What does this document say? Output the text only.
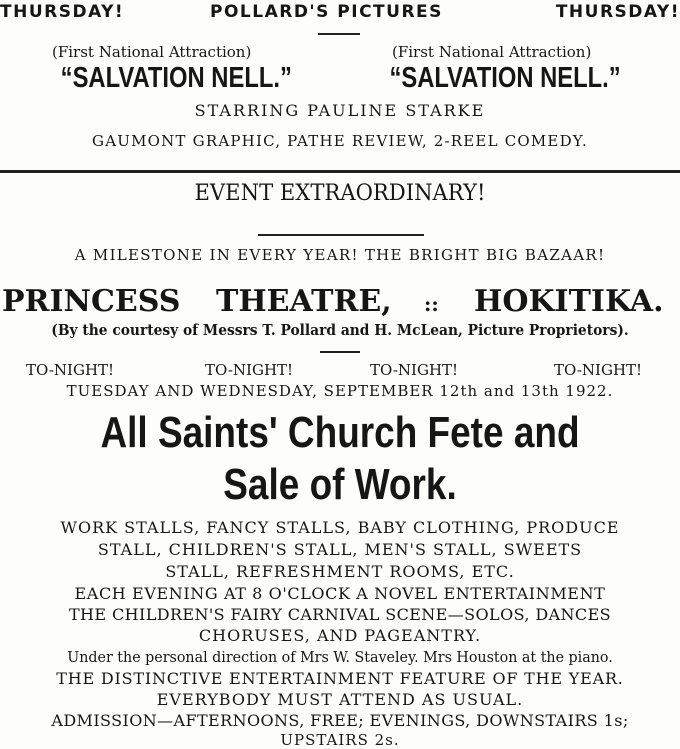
THURSDAY!	POLLARD'S PICTURES	THURSDAY!
(First National Attraction)	(First National Attraction)
“SALVATION NELL.”	“SALVATION NELL.”
STARRING PAULINE STARKE
GAUMONT GRAPHIC, PATHE REVIEW, 2-REEL COMEDY.
EVENT EXTRAORDINARY!
A MILESTONE IN EVERY YEAR! THE BRIGHT BIG BAZAAR!
PRINCESS THEATRE, :: HOKITIKA.
(By the courtesy of Messrs T. Pollard and H. McLean, Picture Proprietors).
TO-NIGHT!	TO-NIGHT!	TO-NIGHT!	TO-NIGHT!
TUESDAY AND WEDNESDAY, SEPTEMBER 12th and 13th 1922.
All Saints' Church Fete and
Sale of Work.
WORK STALLS, FANCY STALLS, BABY CLOTHING, PRODUCE
STALL, CHILDREN'S STALL, MEN'S STALL, SWEETS
STALL, REFRESHMENT ROOMS, ETC.
EACH EVENING AT 8 O'CLOCK A NOVEL ENTERTAINMENT
THE CHILDREN'S FAIRY CARNIVAL SCENE—SOLOS, DANCES
CHORUSES, AND PAGEANTRY.
Under the personal direction of Mrs W. Staveley. Mrs Houston at the piano.
THE DISTINCTIVE ENTERTAINMENT FEATURE OF THE YEAR.
EVERYBODY MUST ATTEND AS USUAL.
ADMISSION—AFTERNOONS, FREE; EVENINGS, DOWNSTAIRS 1s;
UPSTAIRS 2s.
